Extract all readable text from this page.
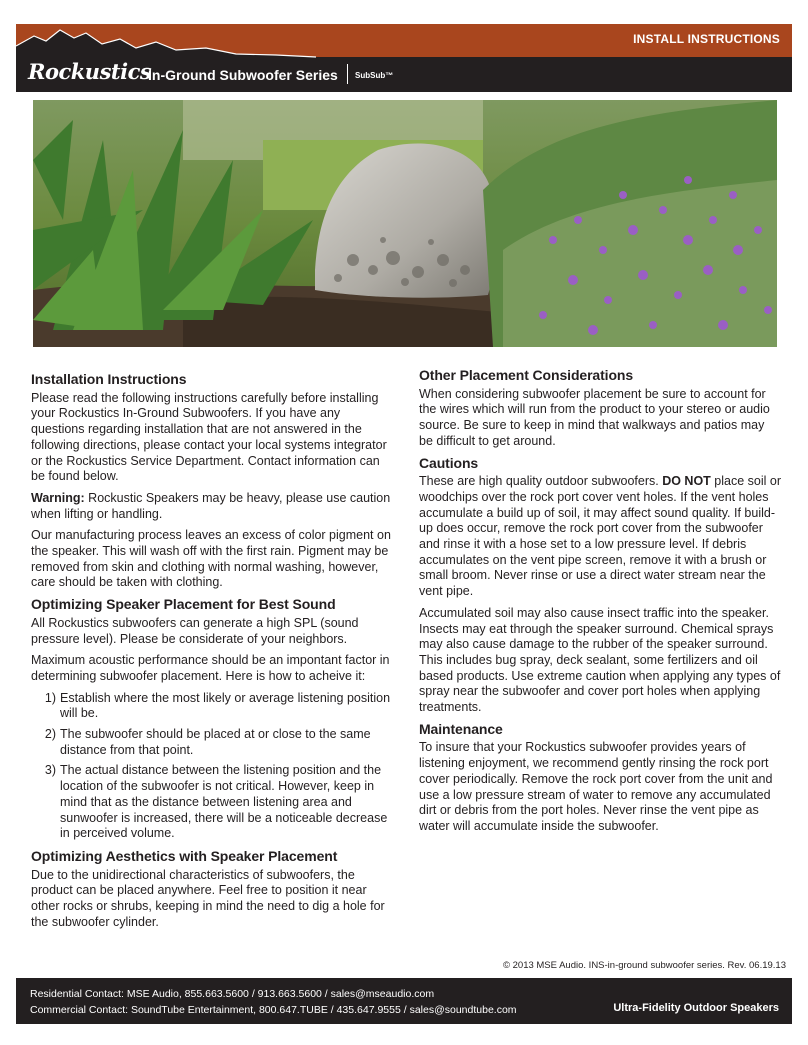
INSTALL INSTRUCTIONS
Rockustics
In-Ground Subwoofer Series SubSub™
Installation Instructions

Please read the following instructions carefully before installing your Rockustics In-Ground Subwoofers. If you have any questions regarding installation that are not answered in the following directions, please contact your local systems integrator or the Rockustics Service Department. Contact information can be found below.

Warning: Rockustic Speakers may be heavy, please use caution when lifting or handling.

Our manufacturing process leaves an excess of color pigment on the speaker. This will wash off with the first rain. Pigment may be removed from skin and clothing with normal washing, however, care should be taken with clothing.

Optimizing Speaker Placement for Best Sound

All Rockustics subwoofers can generate a high SPL (sound pressure level). Please be considerate of your neighbors.

Maximum acoustic performance should be an impontant factor in determining subwoofer placement. Here is how to acheive it:

1) Establish where the most likely or average listening position will be.
2) The subwoofer should be placed at or close to the same distance from that point.
3) The actual distance between the listening position and the location of the subwoofer is not critical. However, keep in mind that as the distance between listening area and sunwoofer is increased, there will be a noticeable decrease in perceived volume.
Optimizing Aesthetics with Speaker Placement

Due to the unidirectional characteristics of subwoofers, the product can be placed anywhere. Feel free to position it near other rocks or shrubs, keeping in mind the need to dig a hole for the subwoofer cylinder.

Other Placement Considerations

When considering subwoofer placement be sure to account for the wires which will run from the product to your stereo or audio source. Be sure to keep in mind that walkways and patios may be difficult to get around.

Cautions

These are high quality outdoor subwoofers. DO NOT place soil or woodchips over the rock port cover vent holes. If the vent holes accumulate a build up of soil, it may affect sound quality. If build-up does occur, remove the rock port cover from the subwoofer and rinse it with a hose set to a low pressure level. If debris accumulates on the vent pipe screen, remove it with a brush or small broom. Never rinse or use a direct water stream near the vent pipe.

Accumulated soil may also cause insect traffic into the speaker. Insects may eat through the speaker surround. Chemical sprays may also cause damage to the rubber of the speaker surround. This includes bug spray, deck sealant, some fertilizers and oil based products. Use extreme caution when applying any types of spray near the subwoofer and cover port holes when applying treatments.

Maintenance

To insure that your Rockustics subwoofer provides years of listening enjoyment, we recommend gently rinsing the rock port cover periodically. Remove the rock port cover from the unit and use a low pressure stream of water to remove any accumulated dirt or debris from the port holes. Never rinse the vent pipe as water will accumulate inside the subwoofer.

© 2013 MSE Audio. INS-in-ground subwoofer series. Rev. 06.19.13
Residential Contact: MSE Audio, 855.663.5600 / 913.663.5600 / sales@mseaudio.com
Commercial Contact: SoundTube Entertainment, 800.647.TUBE / 435.647.9555 / sales@soundtube.com	Ultra-Fidelity Outdoor Speakers
